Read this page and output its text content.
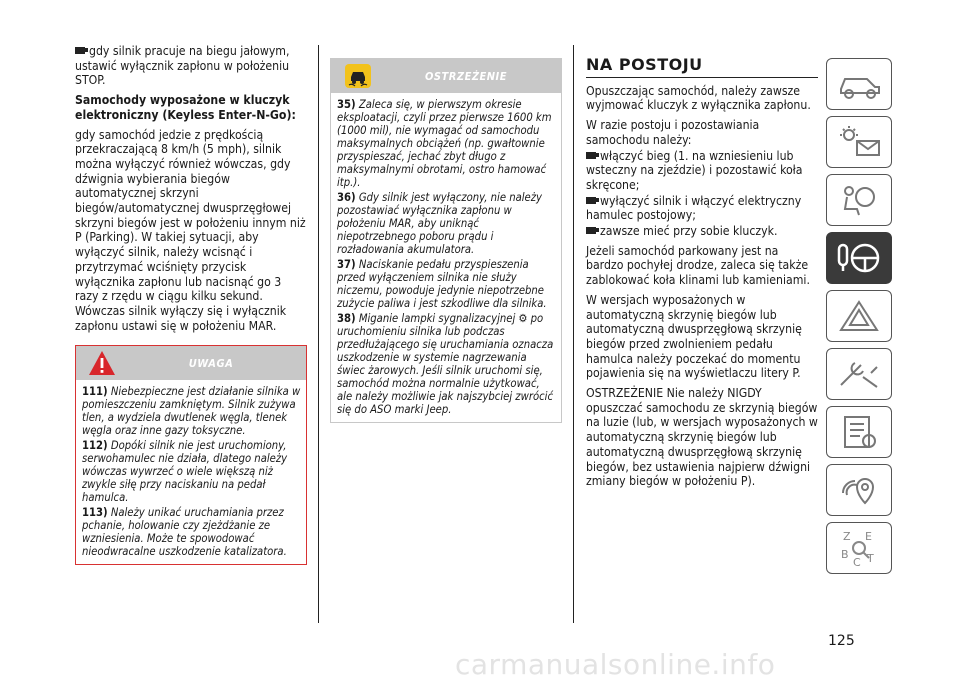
gdy silnik pracuje na biegu jałowym, ustawić wyłącznik zapłonu w położeniu STOP.

Samochody wyposażone w kluczyk elektroniczny (Keyless Enter-N-Go):

gdy samochód jedzie z prędkością przekraczającą 8 km/h (5 mph), silnik można wyłączyć również wówczas, gdy dźwignia wybierania biegów automatycznej skrzyni biegów/automatycznej dwusprzęgłowej skrzyni biegów jest w położeniu innym niż P (Parking). W takiej sytuacji, aby wyłączyć silnik, należy wcisnąć i przytrzymać wciśnięty przycisk wyłącznika zapłonu lub nacisnąć go 3 razy z rzędu w ciągu kilku sekund. Wówczas silnik wyłączy się i wyłącznik zapłonu ustawi się w położeniu MAR.

UWAGA

111) Niebezpieczne jest działanie silnika w pomieszczeniu zamkniętym. Silnik zużywa tlen, a wydziela dwutlenek węgla, tlenek węgla oraz inne gazy toksyczne.

112) Dopóki silnik nie jest uruchomiony, serwohamulec nie działa, dlatego należy wówczas wywrzeć o wiele większą niż zwykle siłę przy naciskaniu na pedał hamulca.

113) Należy unikać uruchamiania przez pchanie, holowanie czy zjeżdżanie ze wzniesienia. Może te spowodować nieodwracalne uszkodzenie katalizatora.

OSTRZEŻENIE

35) Zaleca się, w pierwszym okresie eksploatacji, czyli przez pierwsze 1600 km (1000 mil), nie wymagać od samochodu maksymalnych obciążeń (np. gwałtownie przyspieszać, jechać zbyt długo z maksymalnymi obrotami, ostro hamować itp.).

36) Gdy silnik jest wyłączony, nie należy pozostawiać wyłącznika zapłonu w położeniu MAR, aby uniknąć niepotrzebnego poboru prądu i rozładowania akumulatora.

37) Naciskanie pedału przyspieszenia przed wyłączeniem silnika nie służy niczemu, powoduje jedynie niepotrzebne zużycie paliwa i jest szkodliwe dla silnika.

38) Miganie lampki sygnalizacyjnej ⚙ po uruchomieniu silnika lub podczas przedłużającego się uruchamiania oznacza uszkodzenie w systemie nagrzewania świec żarowych. Jeśli silnik uruchomi się, samochód można normalnie użytkować, ale należy możliwie jak najszybciej zwrócić się do ASO marki Jeep.

NA POSTOJU

Opuszczając samochód, należy zawsze wyjmować kluczyk z wyłącznika zapłonu.

W razie postoju i pozostawiania samochodu należy:

włączyć bieg (1. na wzniesieniu lub wsteczny na zjeździe) i pozostawić koła skręcone;

wyłączyć silnik i włączyć elektryczny hamulec postojowy;

zawsze mieć przy sobie kluczyk.

Jeżeli samochód parkowany jest na bardzo pochyłej drodze, zaleca się także zablokować koła klinami lub kamieniami.

W wersjach wyposażonych w automatyczną skrzynię biegów lub automatyczną dwusprzęgłową skrzynię biegów przed zwolnieniem pedału hamulca należy poczekać do momentu pojawienia się na wyświetlaczu litery P.

OSTRZEŻENIE Nie należy NIGDY opuszczać samochodu ze skrzynią biegów na luzie (lub, w wersjach wyposażonych w automatyczną skrzynię biegów lub automatyczną dwusprzęgłową skrzynię biegów, bez ustawienia najpierw dźwigni zmiany biegów w położeniu P).

Z E
B
C T
125
carmanualsonline.info
